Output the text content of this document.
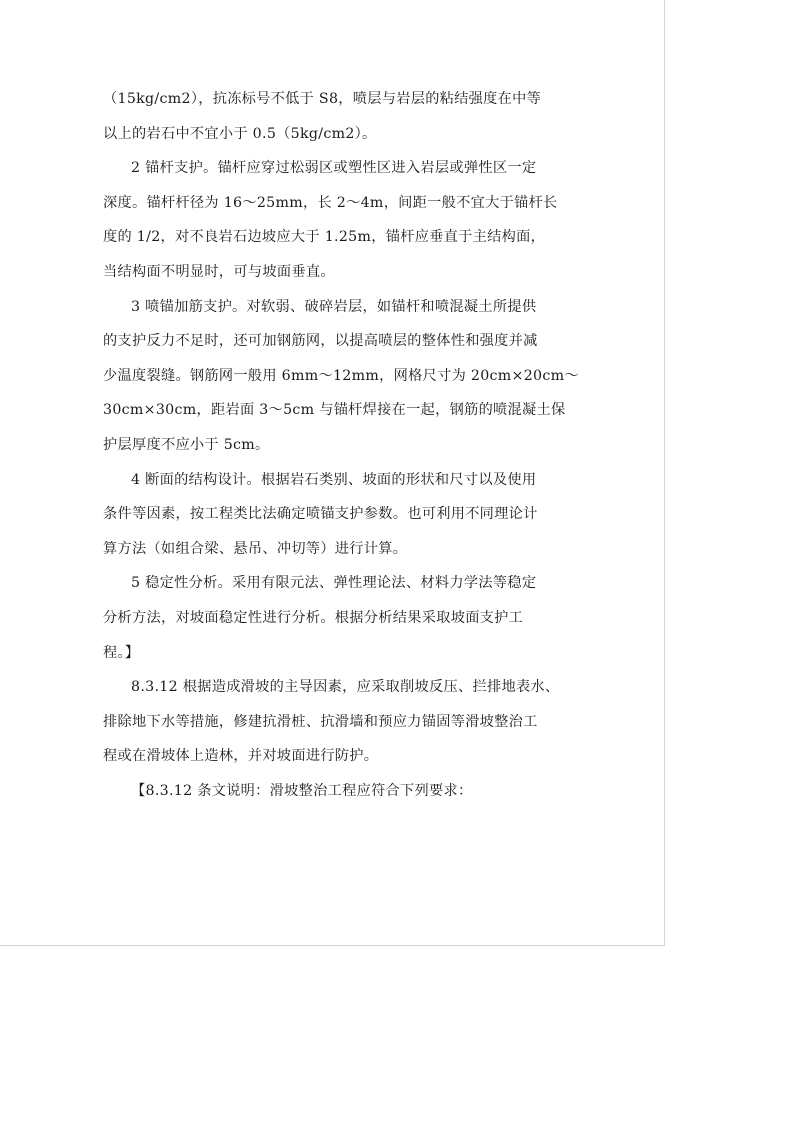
（15kg/cm2），抗冻标号不低于 S8，喷层与岩层的粘结强度在中等
以上的岩石中不宜小于 0.5（5kg/cm2）。
2 锚杆支护。锚杆应穿过松弱区或塑性区进入岩层或弹性区一定
深度。锚杆杆径为 16～25mm，长 2～4m，间距一般不宜大于锚杆长
度的 1/2，对不良岩石边坡应大于 1.25m，锚杆应垂直于主结构面，
当结构面不明显时，可与坡面垂直。
3 喷锚加筋支护。对软弱、破碎岩层，如锚杆和喷混凝土所提供
的支护反力不足时，还可加钢筋网，以提高喷层的整体性和强度并减
少温度裂缝。钢筋网一般用 6mm～12mm，网格尺寸为 20cm×20cm～
30cm×30cm，距岩面 3～5cm 与锚杆焊接在一起，钢筋的喷混凝土保
护层厚度不应小于 5cm。
4 断面的结构设计。根据岩石类别、坡面的形状和尺寸以及使用
条件等因素，按工程类比法确定喷锚支护参数。也可利用不同理论计
算方法（如组合梁、悬吊、冲切等）进行计算。
5 稳定性分析。采用有限元法、弹性理论法、材料力学法等稳定
分析方法，对坡面稳定性进行分析。根据分析结果采取坡面支护工
程。】
8.3.12 根据造成滑坡的主导因素，应采取削坡反压、拦排地表水、
排除地下水等措施，修建抗滑桩、抗滑墙和预应力锚固等滑坡整治工
程或在滑坡体上造林，并对坡面进行防护。
【8.3.12 条文说明：滑坡整治工程应符合下列要求：
